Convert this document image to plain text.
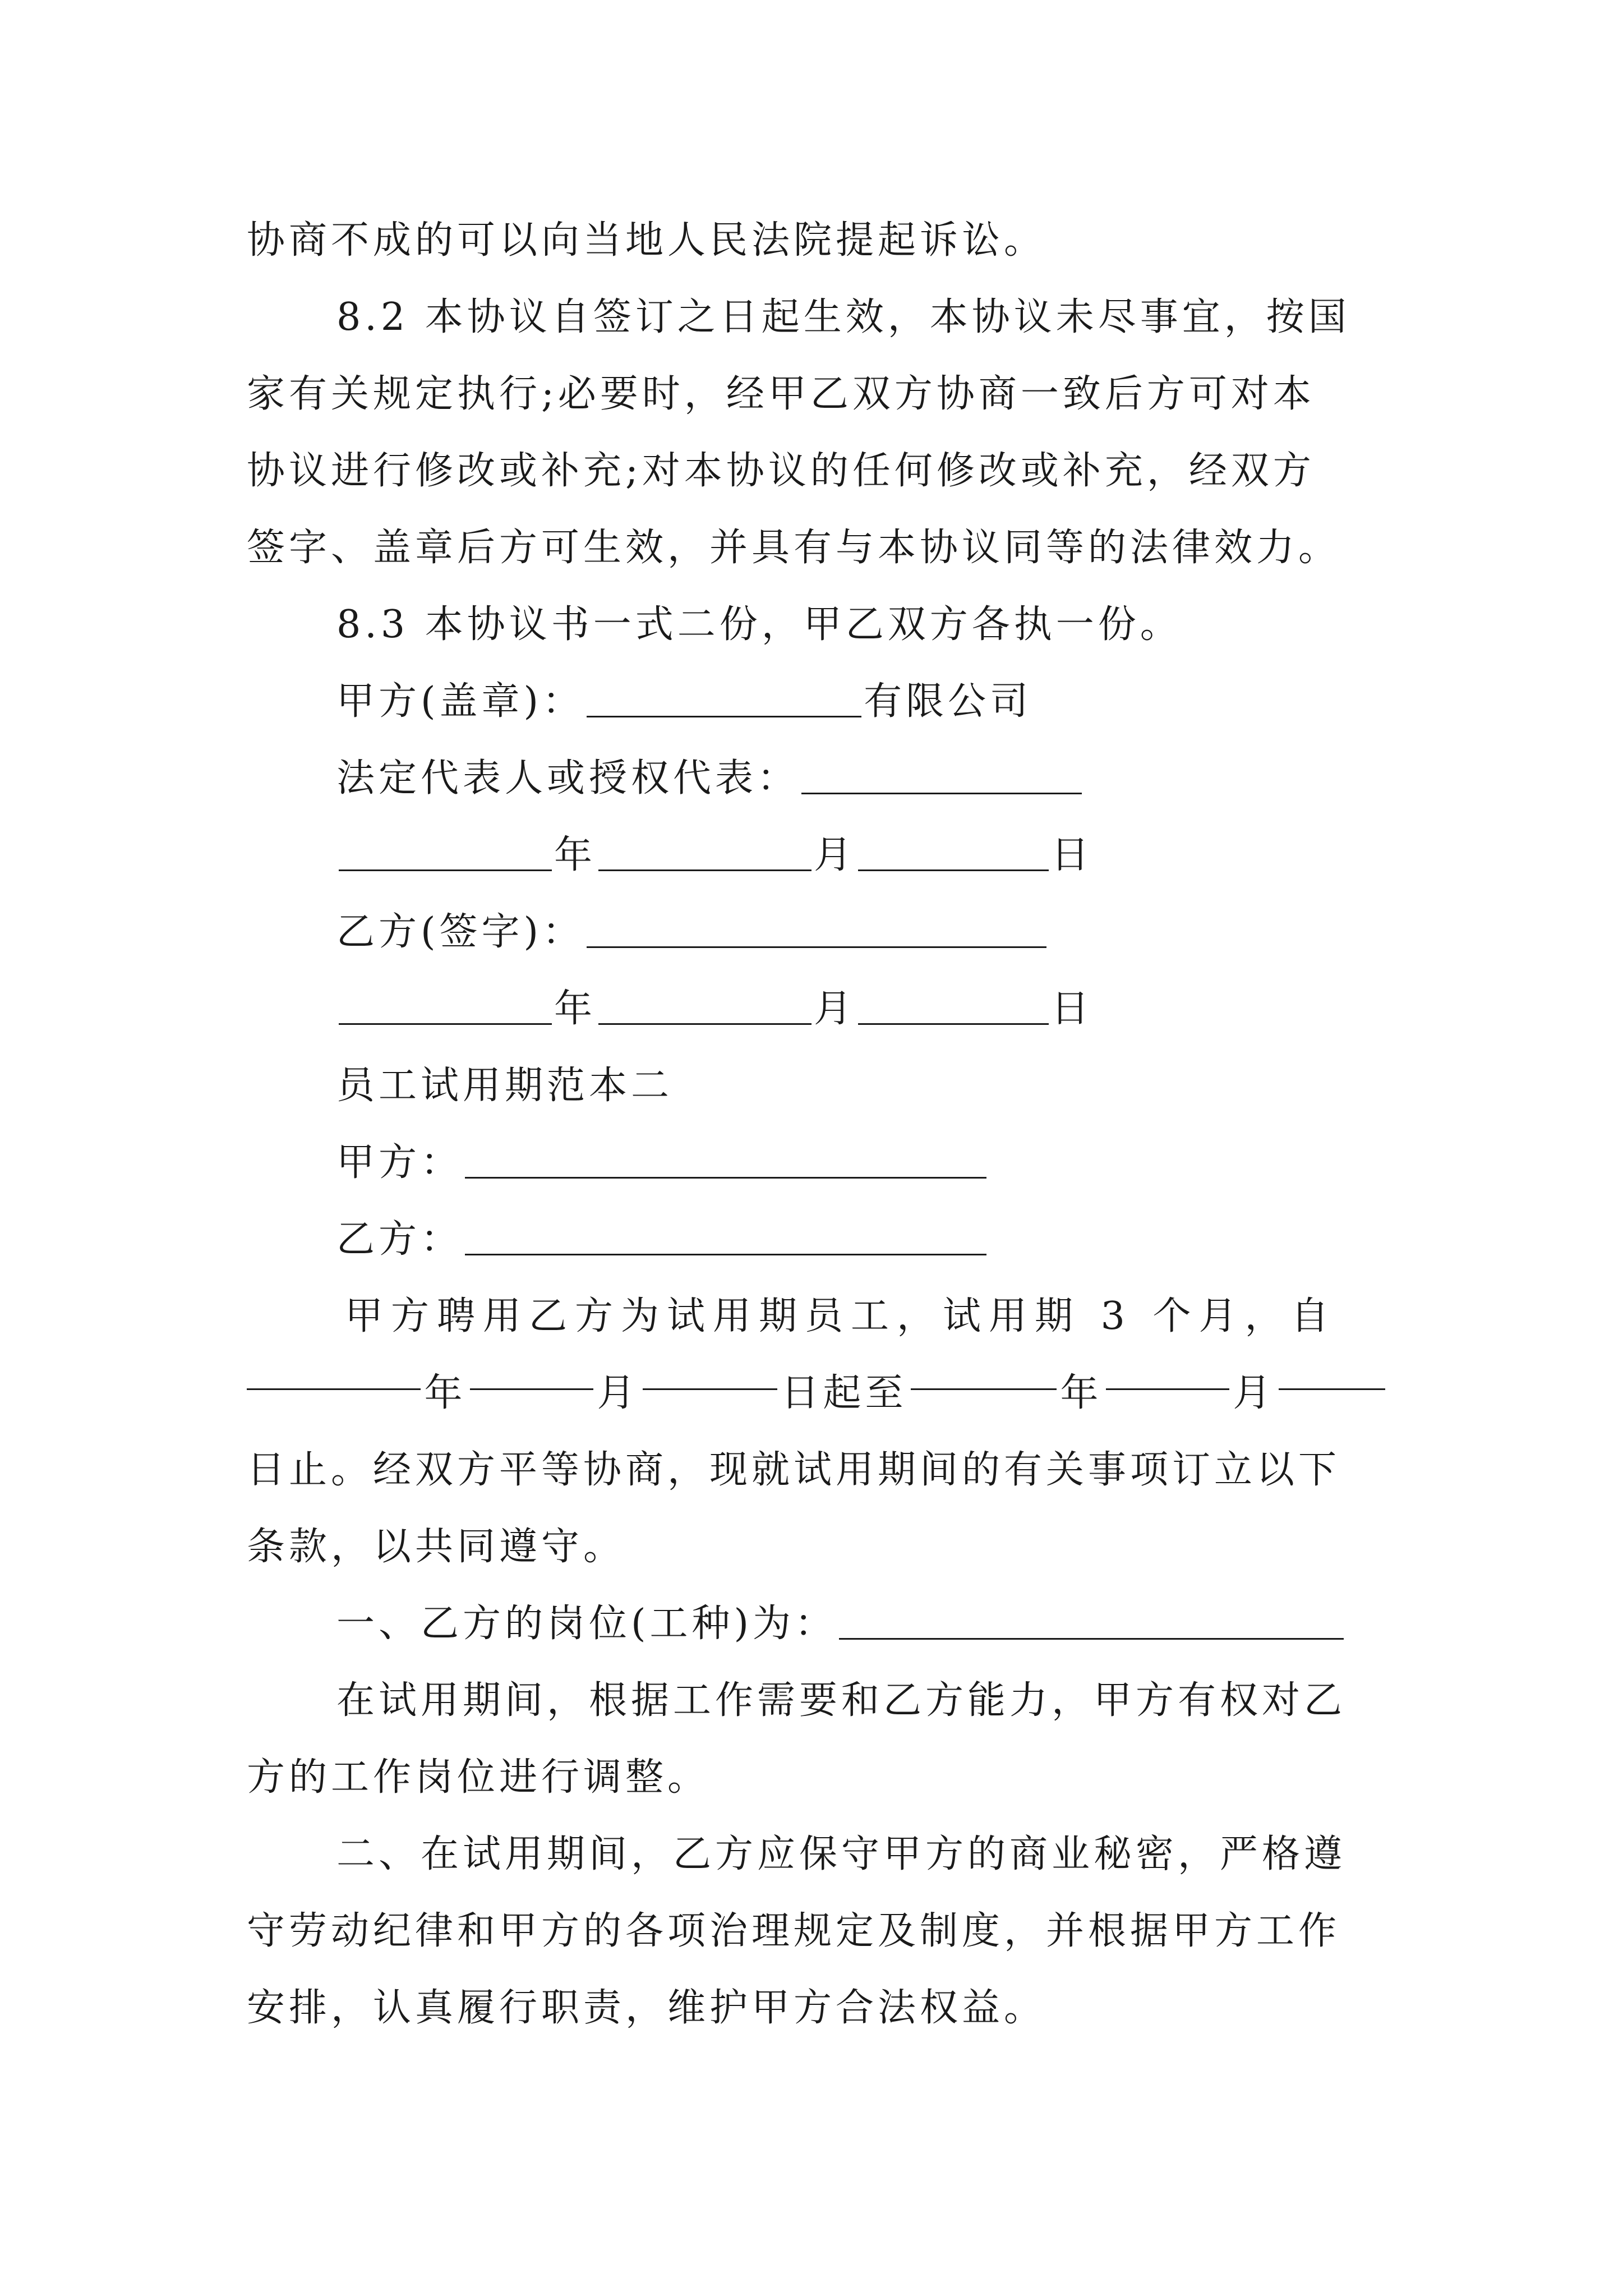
协商不成的可以向当地人民法院提起诉讼。
8.2 本协议自签订之日起生效，本协议未尽事宜，按国
家有关规定执行;必要时，经甲乙双方协商一致后方可对本
协议进行修改或补充;对本协议的任何修改或补充，经双方
签字、盖章后方可生效，并具有与本协议同等的法律效力。
8.3 本协议书一式二份，甲乙双方各执一份。
甲方(盖章)：	有限公司
法定代表人或授权代表：
年	月	日
乙方(签字)：
年	月	日
员工试用期范本二
甲方：
乙方：
甲方聘用乙方为试用期员工，试用期 3 个月，自
年	月	日起至	年	月
日止。经双方平等协商，现就试用期间的有关事项订立以下
条款，以共同遵守。
一、乙方的岗位(工种)为：
在试用期间，根据工作需要和乙方能力，甲方有权对乙
方的工作岗位进行调整。
二、在试用期间，乙方应保守甲方的商业秘密，严格遵
守劳动纪律和甲方的各项治理规定及制度，并根据甲方工作
安排，认真履行职责，维护甲方合法权益。
